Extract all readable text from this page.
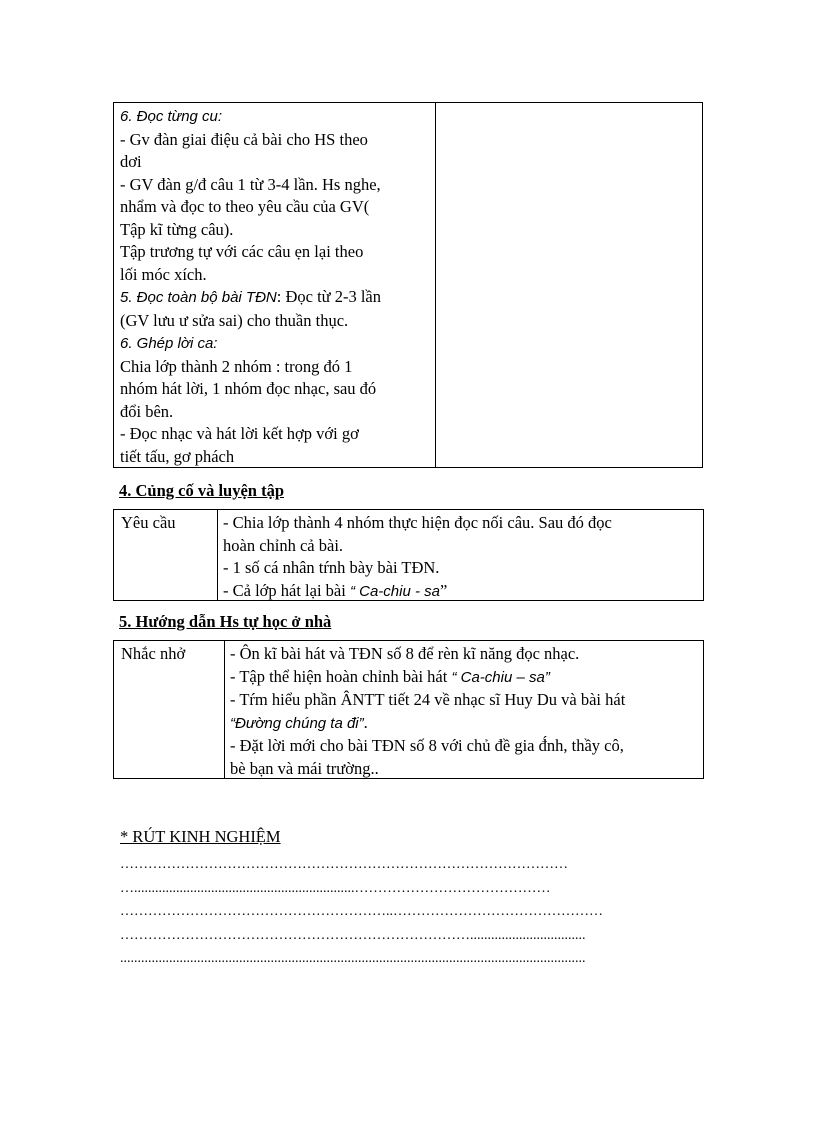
6. Đọc từng cu:
- Gv đàn giai điệu cả bài cho HS theo
dơi
- GV đàn g/đ câu 1 từ 3-4 lần. Hs nghe,
nhẩm và đọc to theo yêu cầu của GV(
Tập kĩ từng câu).
Tập trương tự với các câu ẹn lại theo
lối móc xích.
5. Đọc toàn bộ bài TĐN: Đọc từ 2-3 lần
(GV lưu ư sửa sai) cho thuần thục.
6. Ghép lời ca:
Chia lớp thành 2 nhóm : trong đó 1
nhóm hát lời, 1 nhóm đọc nhạc, sau đó
đổi bên.
- Đọc nhạc và hát lời kết hợp với gơ
tiết tấu, gơ phách
4. Củng cố và luyện tập
Yêu cầu	- Chia lớp thành 4 nhóm thực hiện đọc nối câu. Sau đó đọc
hoàn chỉnh cả bài.
- 1 số cá nhân tŕnh bày bài TĐN.
- Cả lớp hát lại bài “ Ca-chiu - sa”
5. Hướng dẫn Hs tự học ở nhà
Nhắc nhở	- Ôn kĩ bài hát và TĐN số 8 để rèn kĩ năng đọc nhạc.
- Tập thể hiện hoàn chỉnh bài hát “ Ca-chiu – sa”
- Tŕm hiểu phần ÂNTT tiết 24 về nhạc sĩ Huy Du và bài hát
“Đường chúng ta đi”.
- Đặt lời mới cho bài TĐN số 8 với chủ đề gia đ́nh, thầy cô,
bè bạn và mái trường..
* RÚT KINH NGHIỆM
……………………………………………………………………………………
…...............................................................……………………………………
…………………………………………………..………………………………………
………………………………………………………………….................................
.....................................................................................................................................
